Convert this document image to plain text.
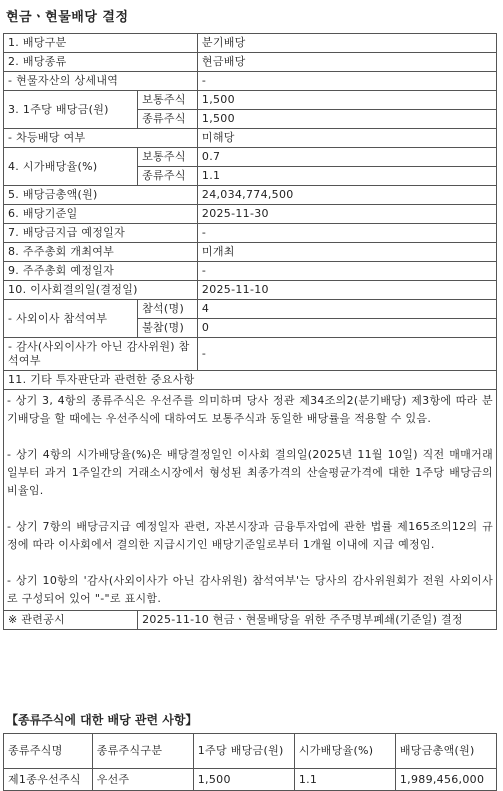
현금ㆍ현물배당 결정
1. 배당구분		분기배당
2. 배당종류		현금배당
- 현물자산의 상세내역		-
3. 1주당 배당금(원)	보통주식	1,500
	종류주식	1,500
- 차등배당 여부		미해당
4. 시가배당율(%)	보통주식	0.7
	종류주식	1.1
5. 배당금총액(원)		24,034,774,500
6. 배당기준일		2025-11-30
7. 배당금지급 예정일자		-
8. 주주총회 개최여부		미개최
9. 주주총회 예정일자		-
10. 이사회결의일(결정일)		2025-11-10
- 사외이사 참석여부	참석(명)	4
	불참(명)	0
- 감사(사외이사가 아닌 감사위원) 참석여부		-
11. 기타 투자판단과 관련한 중요사항		

- 상기 3, 4항의 종류주식은 우선주를 의미하며 당사 정관 제34조의2(분기배당) 제3항에 따라 분기배당을 할 때에는 우선주식에 대하여도 보통주식과 동일한 배당률을 적용할 수 있음.

- 상기 4항의 시가배당율(%)은 배당결정일인 이사회 결의일(2025년 11월 10일) 직전 매매거래일부터 과거 1주일간의 거래소시장에서 형성된 최종가격의 산술평균가격에 대한 1주당 배당금의 비율임.

- 상기 7항의 배당금지급 예정일자 관련, 자본시장과 금융투자업에 관한 법률 제165조의12의 규정에 따라 이사회에서 결의한 지급시기인 배당기준일로부터 1개월 이내에 지급 예정임.

- 상기 10항의 '감사(사외이사가 아닌 감사위원) 참석여부'는 당사의 감사위원회가 전원 사외이사로 구성되어 있어 "-"로 표시함.		

※ 관련공시	2025-11-10 현금ㆍ현물배당을 위한 주주명부폐쇄(기준일) 결정	
【종류주식에 대한 배당 관련 사항】
종류주식명	종류주식구분	1주당 배당금(원)	시가배당율(%)	배당금총액(원)
제1종우선주식	우선주	1,500	1.1	1,989,456,000
